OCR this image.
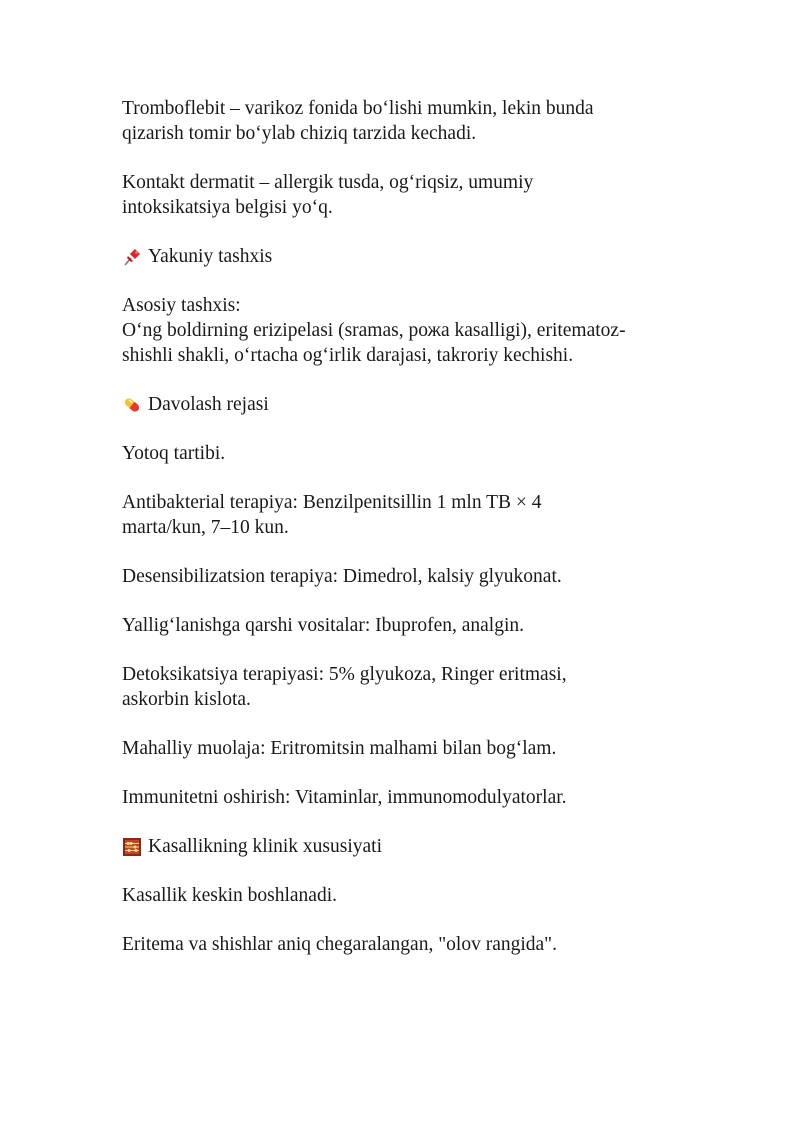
Tromboflebit – varikoz fonida bo‘lishi mumkin, lekin bunda
qizarish tomir bo‘ylab chiziq tarzida kechadi.

Kontakt dermatit – allergik tusda, og‘riqsiz, umumiy
intoksikatsiya belgisi yo‘q.

Yakuniy tashxis

Asosiy tashxis:
O‘ng boldirning erizipelasi (sramas, рожа kasalligi), eritematoz-
shishli shakli, o‘rtacha og‘irlik darajasi, takroriy kechishi.

Davolash rejasi

Yotoq tartibi.

Antibakterial terapiya: Benzilpenitsillin 1 mln TB × 4
marta/kun, 7–10 kun.

Desensibilizatsion terapiya: Dimedrol, kalsiy glyukonat.

Yallig‘lanishga qarshi vositalar: Ibuprofen, analgin.

Detoksikatsiya terapiyasi: 5% glyukoza, Ringer eritmasi,
askorbin kislota.

Mahalliy muolaja: Eritromitsin malhami bilan bog‘lam.

Immunitetni oshirish: Vitaminlar, immunomodulyatorlar.

Kasallikning klinik xususiyati

Kasallik keskin boshlanadi.

Eritema va shishlar aniq chegaralangan, "olov rangida".
